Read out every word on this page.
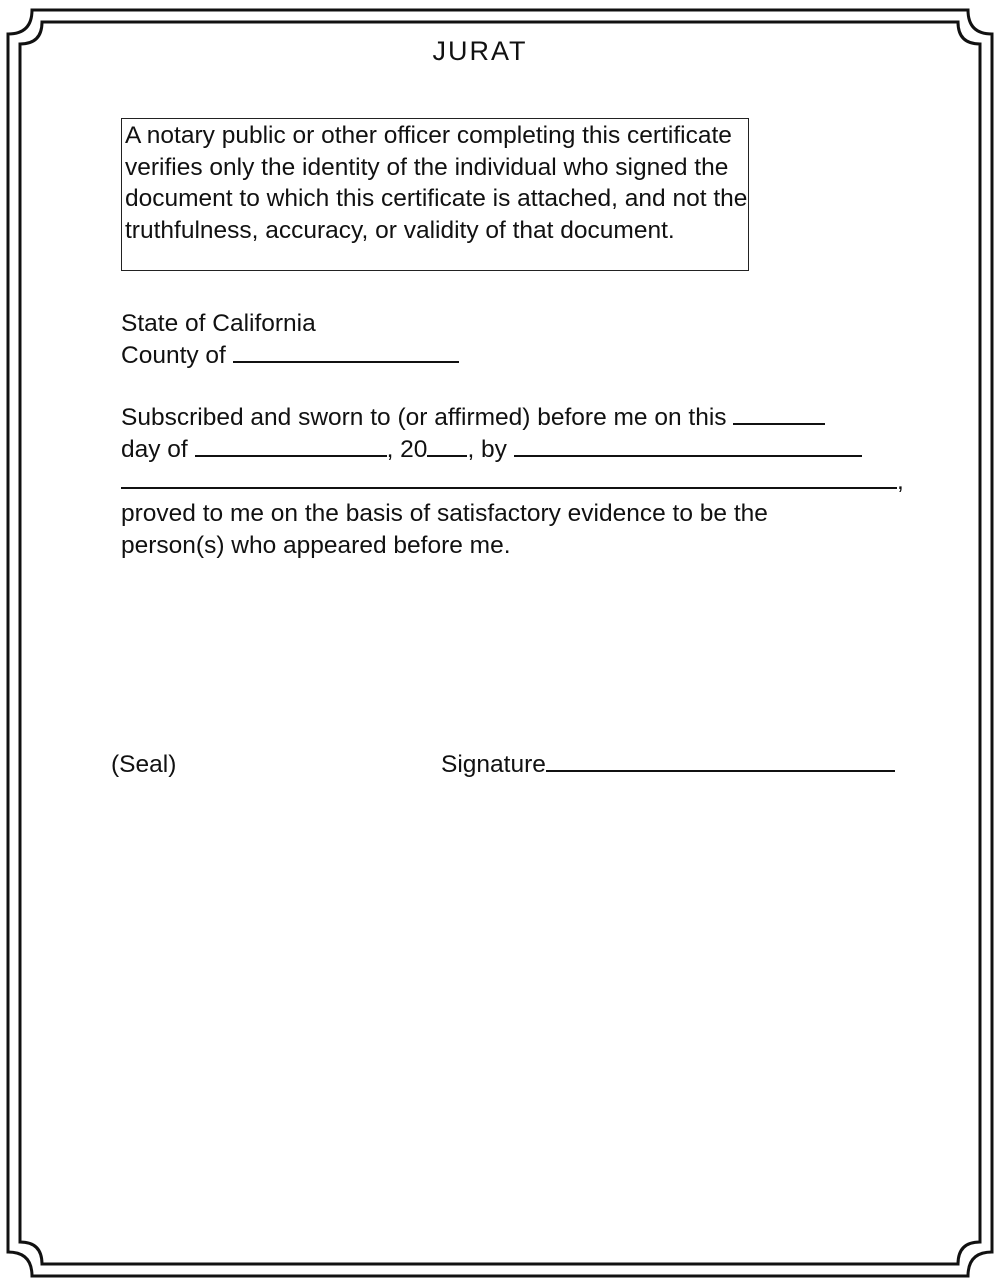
JURAT
A notary public or other officer completing this certificate verifies only the identity of the individual who signed the document to which this certificate is attached, and not the truthfulness, accuracy, or validity of that document.
State of California
County of
Subscribed and sworn to (or affirmed) before me on this
day of	, 20 , by
,
proved to me on the basis of satisfactory evidence to be the
person(s) who appeared before me.
(Seal)	Signature
